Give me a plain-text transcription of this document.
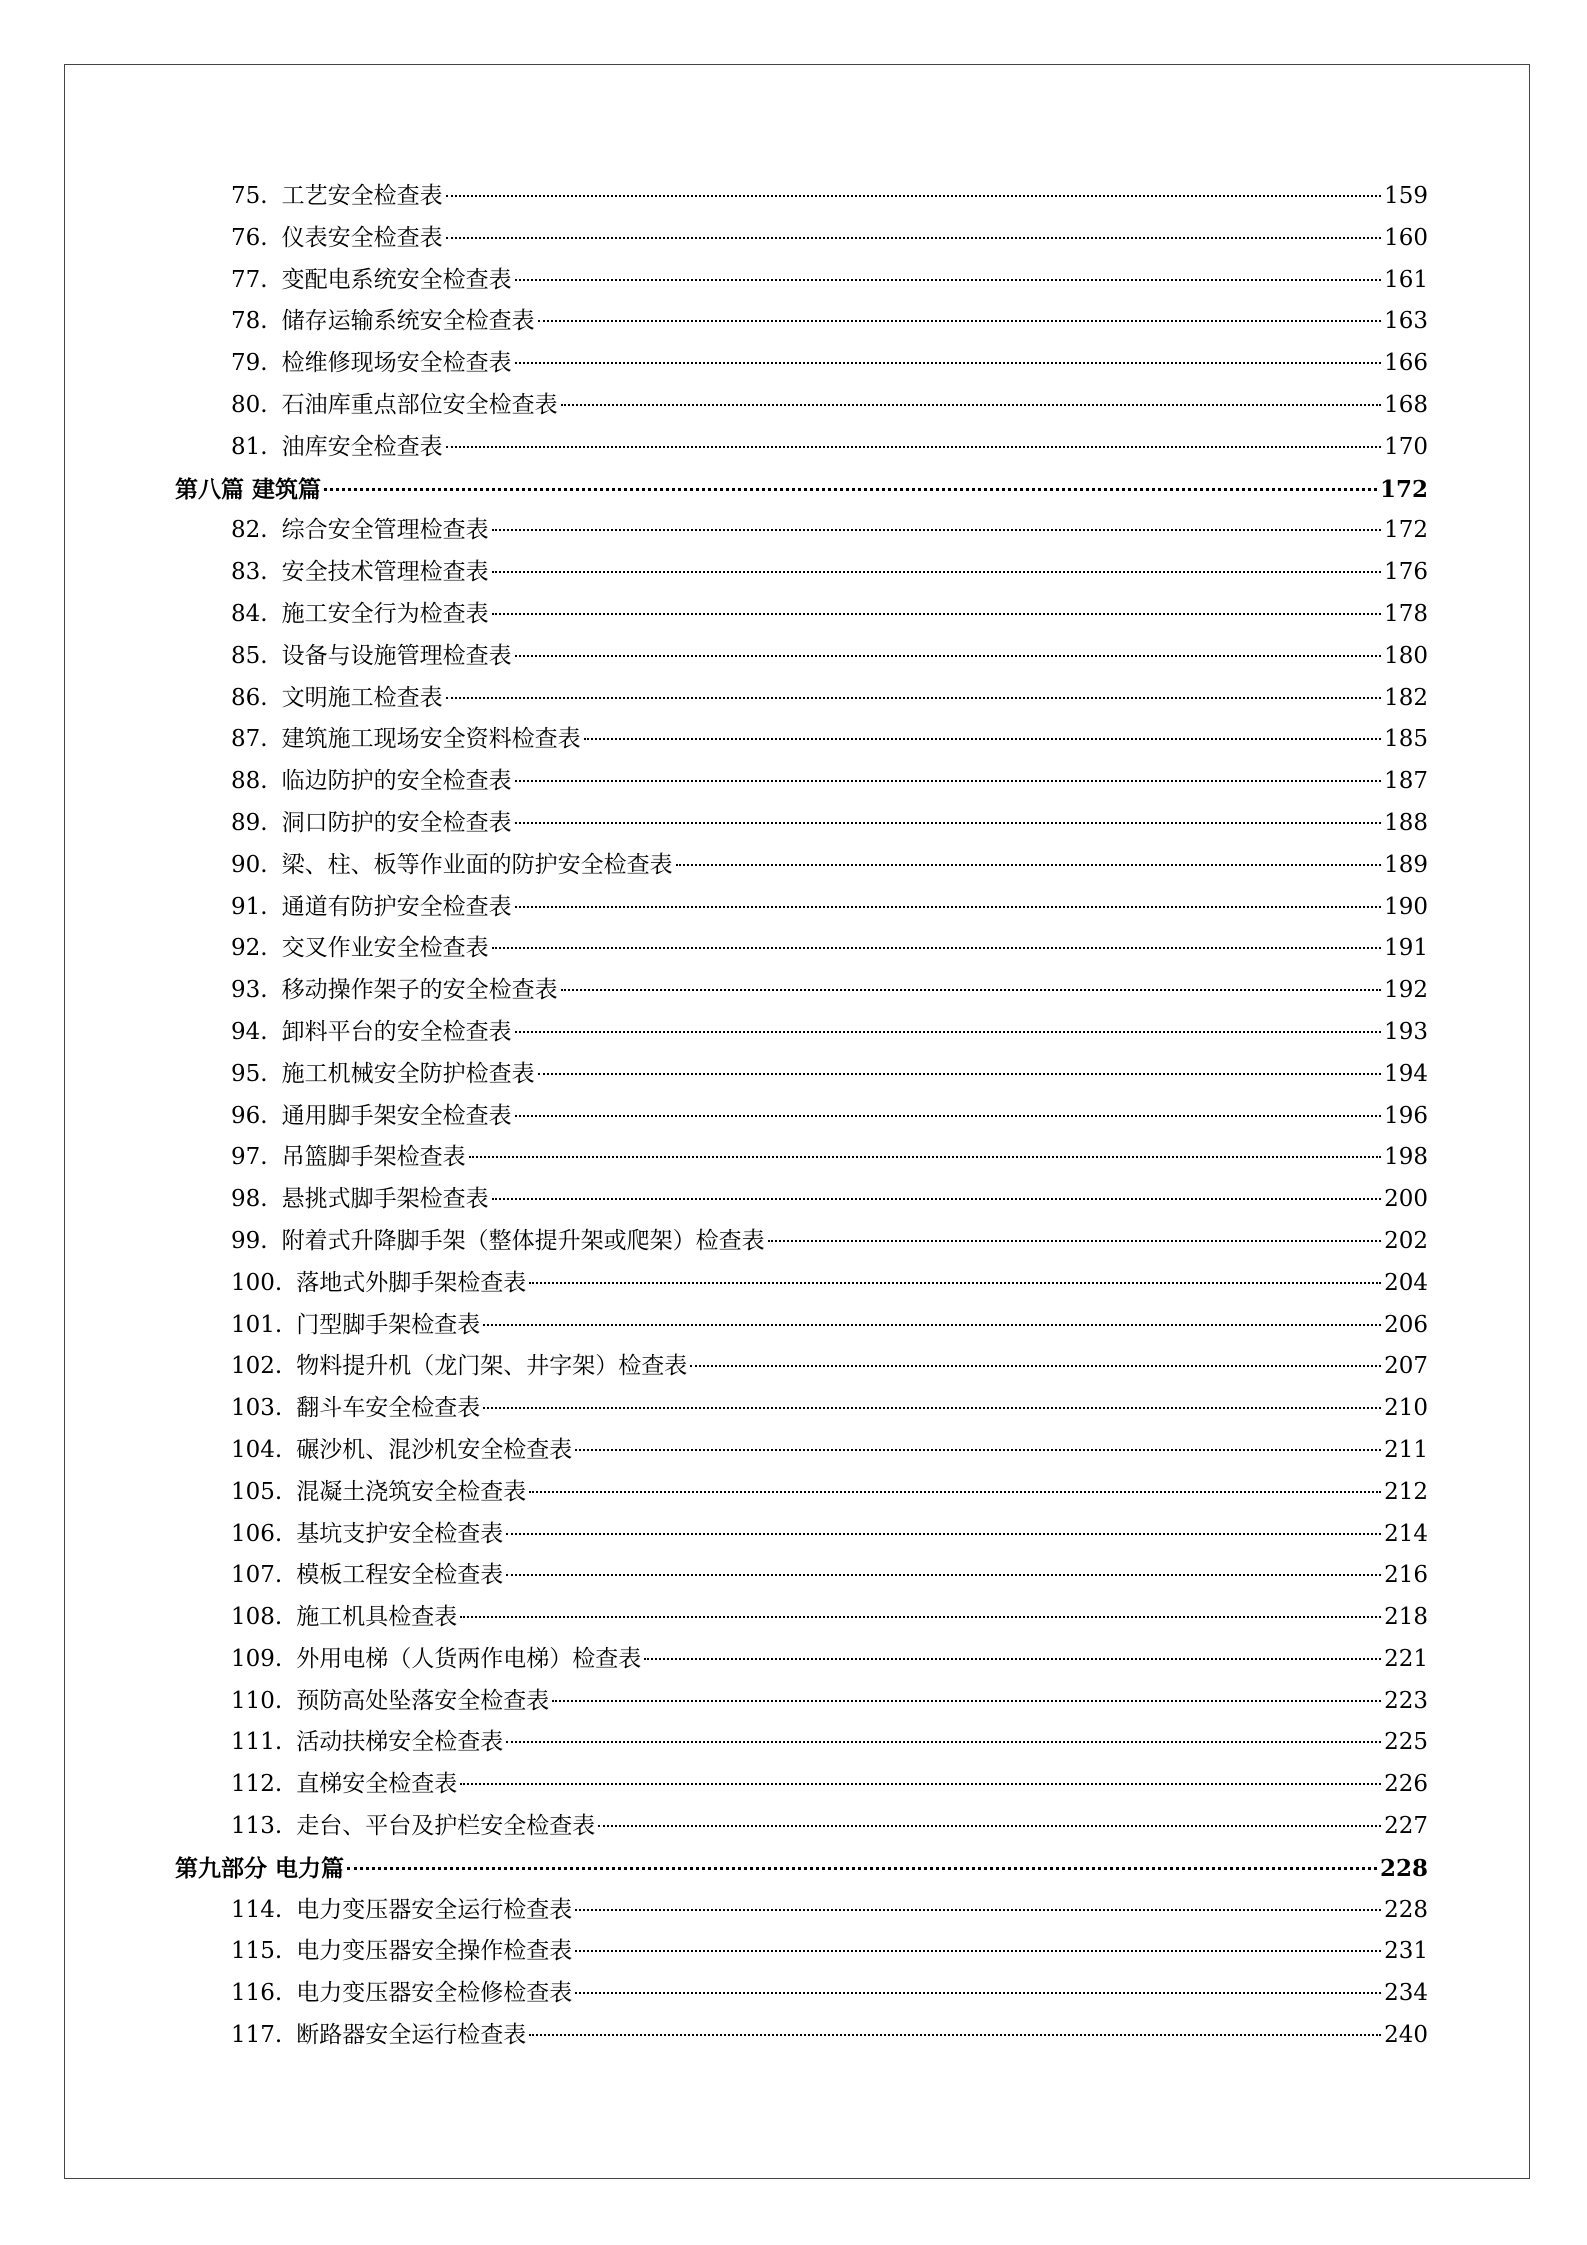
75. 工艺安全检查表	159
76. 仪表安全检查表	160
77. 变配电系统安全检查表	161
78. 储存运输系统安全检查表	163
79. 检维修现场安全检查表	166
80. 石油库重点部位安全检查表	168
81. 油库安全检查表	170
第八篇 建筑篇	172
82. 综合安全管理检查表	172
83. 安全技术管理检查表	176
84. 施工安全行为检查表	178
85. 设备与设施管理检查表	180
86. 文明施工检查表	182
87. 建筑施工现场安全资料检查表	185
88. 临边防护的安全检查表	187
89. 洞口防护的安全检查表	188
90. 梁、柱、板等作业面的防护安全检查表	189
91. 通道有防护安全检查表	190
92. 交叉作业安全检查表	191
93. 移动操作架子的安全检查表	192
94. 卸料平台的安全检查表	193
95. 施工机械安全防护检查表	194
96. 通用脚手架安全检查表	196
97. 吊篮脚手架检查表	198
98. 悬挑式脚手架检查表	200
99. 附着式升降脚手架（整体提升架或爬架）检查表	202
100. 落地式外脚手架检查表	204
101. 门型脚手架检查表	206
102. 物料提升机（龙门架、井字架）检查表	207
103. 翻斗车安全检查表	210
104. 碾沙机、混沙机安全检查表	211
105. 混凝土浇筑安全检查表	212
106. 基坑支护安全检查表	214
107. 模板工程安全检查表	216
108. 施工机具检查表	218
109. 外用电梯（人货两作电梯）检查表	221
110. 预防高处坠落安全检查表	223
111. 活动扶梯安全检查表	225
112. 直梯安全检查表	226
113. 走台、平台及护栏安全检查表	227
第九部分 电力篇	228
114. 电力变压器安全运行检查表	228
115. 电力变压器安全操作检查表	231
116. 电力变压器安全检修检查表	234
117. 断路器安全运行检查表	240
